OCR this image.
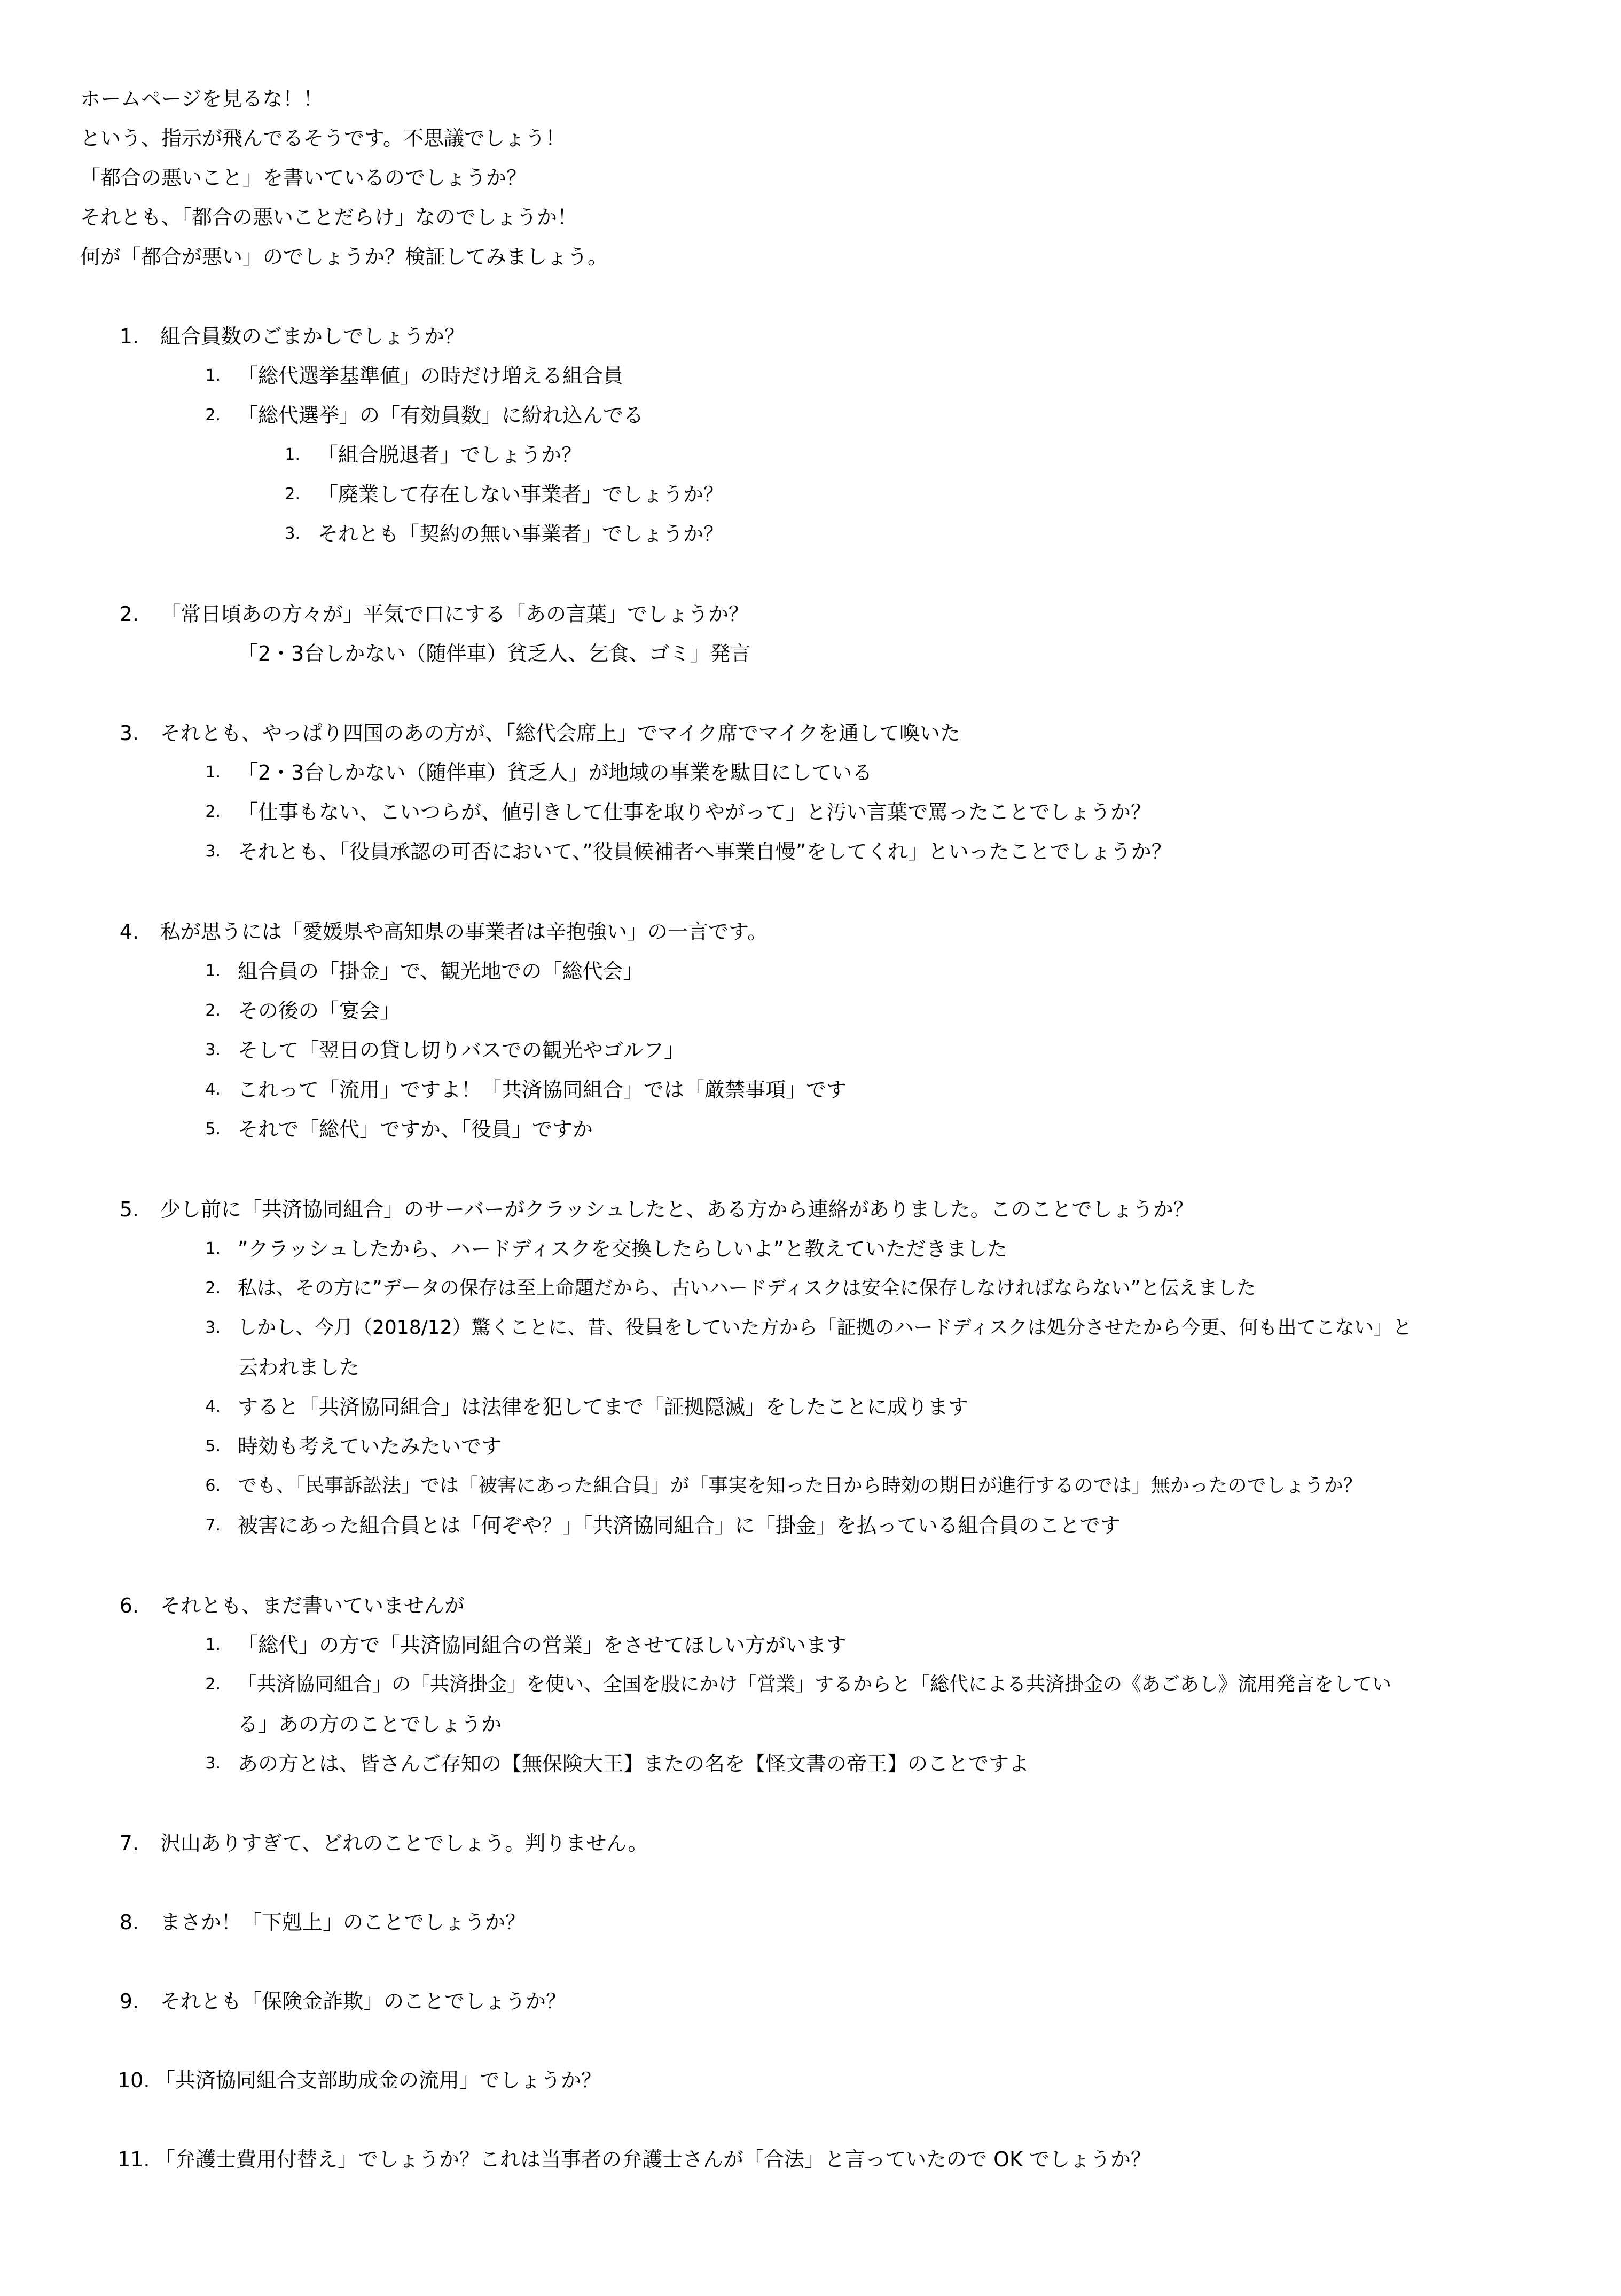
ホームページを見るな！！
という、指示が飛んでるそうです。不思議でしょう！
「都合の悪いこと」を書いているのでしょうか？
それとも、「都合の悪いことだらけ」なのでしょうか！
何が「都合が悪い」のでしょうか？検証してみましょう。
1. 組合員数のごまかしでしょうか？
1. 「総代選挙基準値」の時だけ増える組合員
2. 「総代選挙」の「有効員数」に紛れ込んでる
1. 「組合脱退者」でしょうか？
2. 「廃業して存在しない事業者」でしょうか？
3. それとも「契約の無い事業者」でしょうか？
2. 「常日頃あの方々が」平気で口にする「あの言葉」でしょうか？
「2・3台しかない（随伴車）貧乏人、乞食、ゴミ」発言
3. それとも、やっぱり四国のあの方が、「総代会席上」でマイク席でマイクを通して喚いた
1. 「2・3台しかない（随伴車）貧乏人」が地域の事業を駄目にしている
2. 「仕事もない、こいつらが、値引きして仕事を取りやがって」と汚い言葉で罵ったことでしょうか？
3. それとも、「役員承認の可否において、”役員候補者へ事業自慢”をしてくれ」といったことでしょうか？
4. 私が思うには「愛媛県や高知県の事業者は辛抱強い」の一言です。
1. 組合員の「掛金」で、観光地での「総代会」
2. その後の「宴会」
3. そして「翌日の貸し切りバスでの観光やゴルフ」
4. これって「流用」ですよ！「共済協同組合」では「厳禁事項」です
5. それで「総代」ですか、「役員」ですか
5. 少し前に「共済協同組合」のサーバーがクラッシュしたと、ある方から連絡がありました。このことでしょうか？
1. ”クラッシュしたから、ハードディスクを交換したらしいよ”と教えていただきました
2. 私は、その方に”データの保存は至上命題だから、古いハードディスクは安全に保存しなければならない”と伝えました
3. しかし、今月（2018/12）驚くことに、昔、役員をしていた方から「証拠のハードディスクは処分させたから今更、何も出てこない」と
云われました
4. すると「共済協同組合」は法律を犯してまで「証拠隠滅」をしたことに成ります
5. 時効も考えていたみたいです
6. でも、「民事訴訟法」では「被害にあった組合員」が「事実を知った日から時効の期日が進行するのでは」無かったのでしょうか？
7. 被害にあった組合員とは「何ぞや？」「共済協同組合」に「掛金」を払っている組合員のことです
6. それとも、まだ書いていませんが
1. 「総代」の方で「共済協同組合の営業」をさせてほしい方がいます
2. 「共済協同組合」の「共済掛金」を使い、全国を股にかけ「営業」するからと「総代による共済掛金の《あごあし》流用発言をしてい
る」あの方のことでしょうか
3. あの方とは、皆さんご存知の【無保険大王】またの名を【怪文書の帝王】のことですよ
7. 沢山ありすぎて、どれのことでしょう。判りません。
8. まさか！「下剋上」のことでしょうか？
9. それとも「保険金詐欺」のことでしょうか？
10. 「共済協同組合支部助成金の流用」でしょうか？
11. 「弁護士費用付替え」でしょうか？これは当事者の弁護士さんが「合法」と言っていたので OK でしょうか？
